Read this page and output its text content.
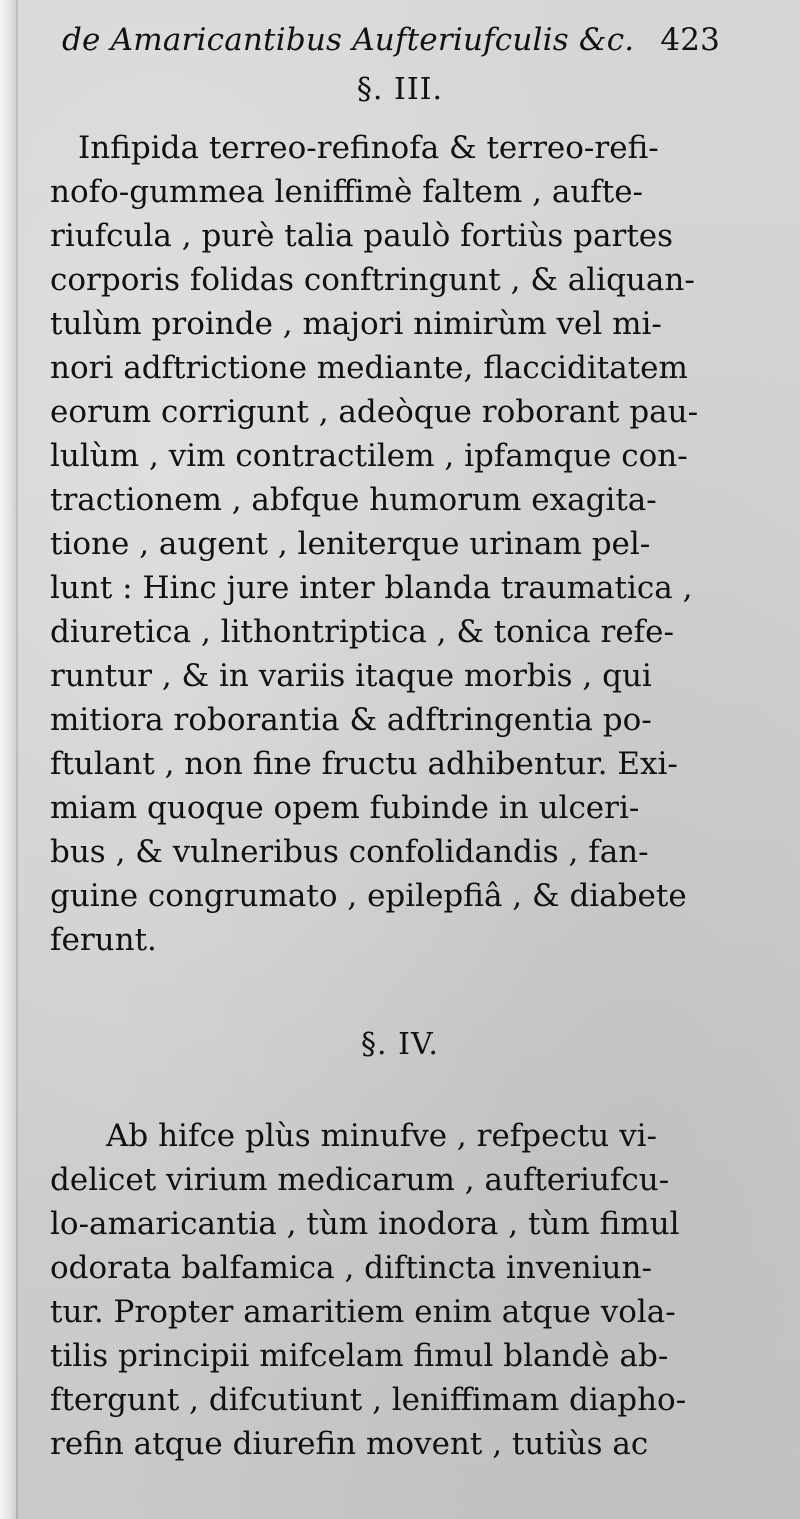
de Amaricantibus Aufteriufculis &c. 423
§. III.
Infipida terreo-refinofa & terreo-refi-
nofo-gummea leniffimè faltem , aufte-
riufcula , purè talia paulò fortiùs partes
corporis folidas conftringunt , & aliquan-
tulùm proinde , majori nimirùm vel mi-
nori adftrictione mediante, flacciditatem
eorum corrigunt , adeòque roborant pau-
lulùm , vim contractilem , ipfamque con-
tractionem , abfque humorum exagita-
tione , augent , leniterque urinam pel-
lunt : Hinc jure inter blanda traumatica ,
diuretica , lithontriptica , & tonica refe-
runtur , & in variis itaque morbis , qui
mitiora roborantia & adftringentia po-
ftulant , non fine fructu adhibentur. Exi-
miam quoque opem fubinde in ulceri-
bus , & vulneribus confolidandis , fan-
guine congrumato , epilepfiâ , & diabete
ferunt.
§. IV.
Ab hifce plùs minufve , refpectu vi-
delicet virium medicarum , aufteriufcu-
lo-amaricantia , tùm inodora , tùm fimul
odorata balfamica , diftincta inveniun-
tur. Propter amaritiem enim atque vola-
tilis principii mifcelam fimul blandè ab-
ftergunt , difcutiunt , leniffimam diapho-
refin atque diurefin movent , tutiùs ac
